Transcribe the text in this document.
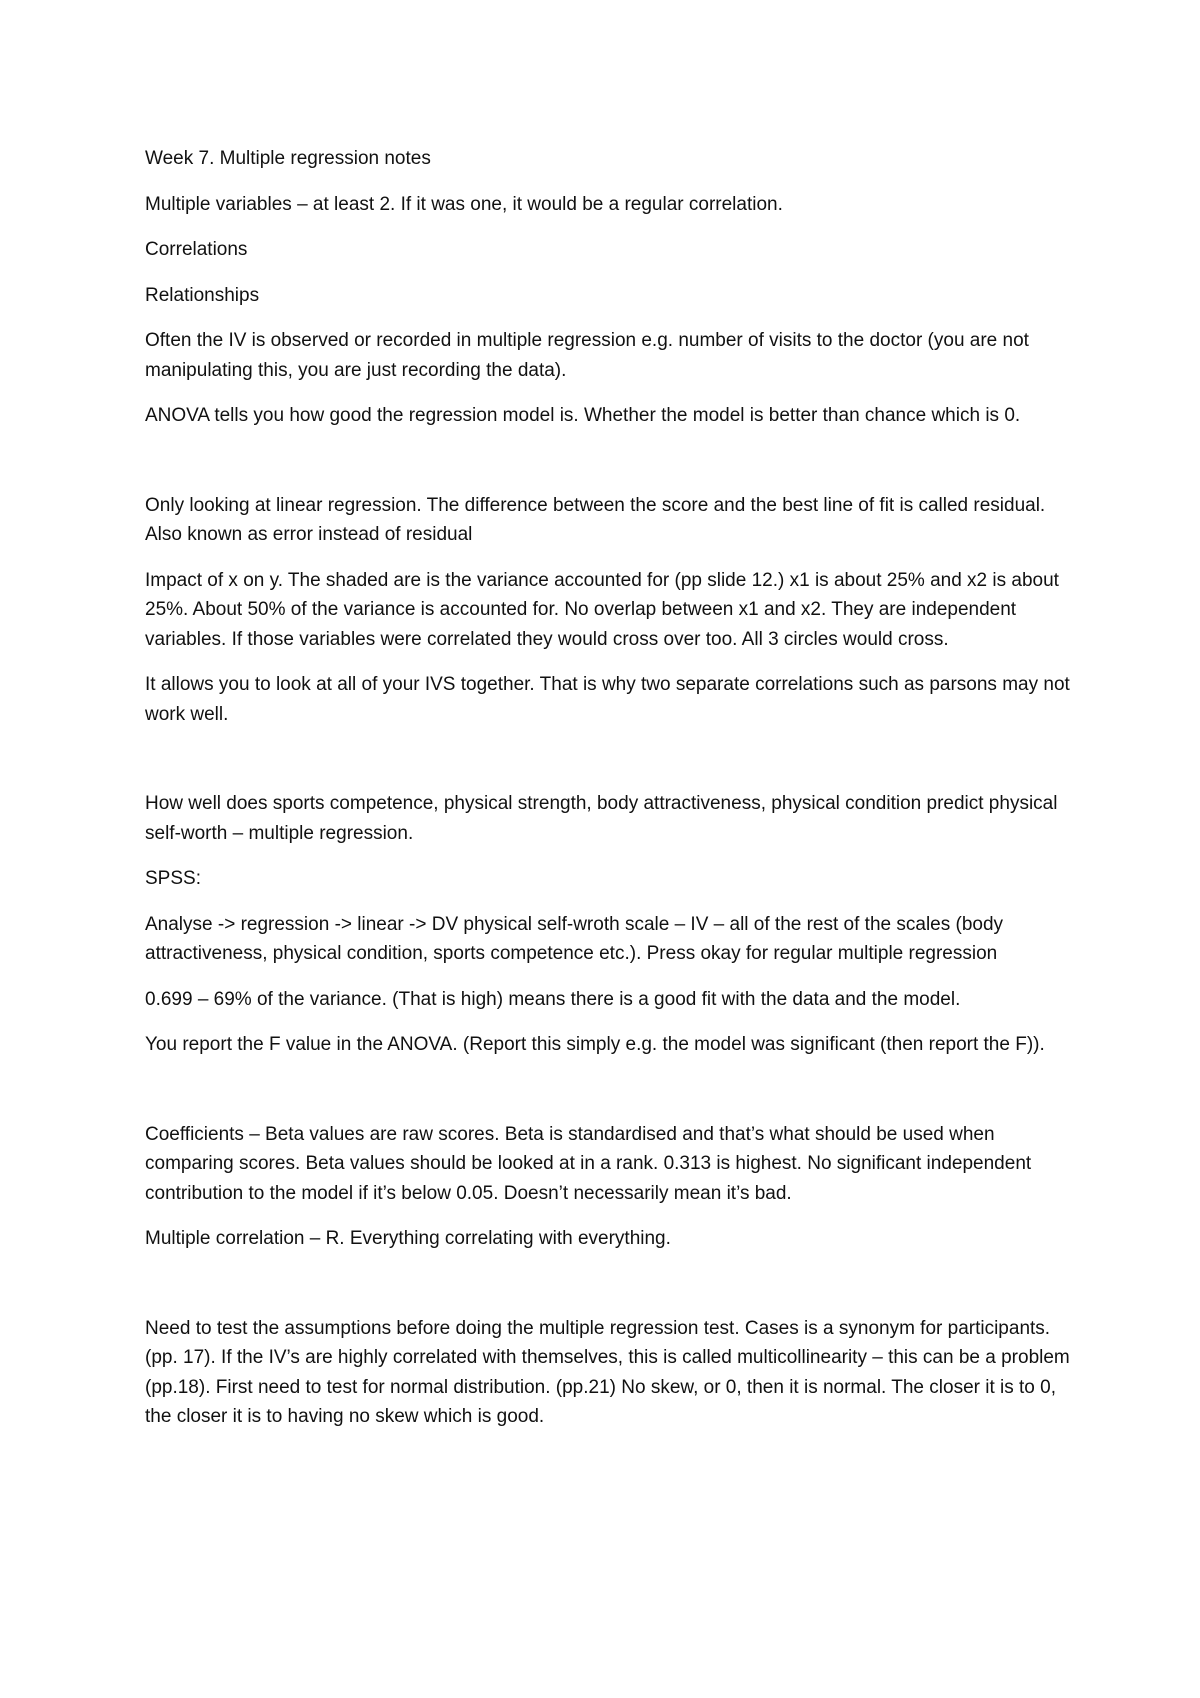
Week 7. Multiple regression notes

Multiple variables – at least 2. If it was one, it would be a regular correlation.

Correlations

Relationships

Often the IV is observed or recorded in multiple regression e.g. number of visits to the doctor (you are not manipulating this, you are just recording the data).

ANOVA tells you how good the regression model is. Whether the model is better than chance which is 0.

Only looking at linear regression. The difference between the score and the best line of fit is called residual. Also known as error instead of residual

Impact of x on y. The shaded are is the variance accounted for (pp slide 12.) x1 is about 25% and x2 is about 25%. About 50% of the variance is accounted for. No overlap between x1 and x2. They are independent variables. If those variables were correlated they would cross over too. All 3 circles would cross.

It allows you to look at all of your IVS together. That is why two separate correlations such as parsons may not work well.

How well does sports competence, physical strength, body attractiveness, physical condition predict physical self-worth – multiple regression.

SPSS:

Analyse -> regression -> linear -> DV physical self-wroth scale – IV – all of the rest of the scales (body attractiveness, physical condition, sports competence etc.). Press okay for regular multiple regression

0.699 – 69% of the variance. (That is high) means there is a good fit with the data and the model.

You report the F value in the ANOVA. (Report this simply e.g. the model was significant (then report the F)).

Coefficients – Beta values are raw scores. Beta is standardised and that’s what should be used when comparing scores. Beta values should be looked at in a rank. 0.313 is highest. No significant independent contribution to the model if it’s below 0.05. Doesn’t necessarily mean it’s bad.

Multiple correlation – R. Everything correlating with everything.

Need to test the assumptions before doing the multiple regression test. Cases is a synonym for participants. (pp. 17). If the IV’s are highly correlated with themselves, this is called multicollinearity – this can be a problem (pp.18). First need to test for normal distribution. (pp.21) No skew, or 0, then it is normal. The closer it is to 0, the closer it is to having no skew which is good.
